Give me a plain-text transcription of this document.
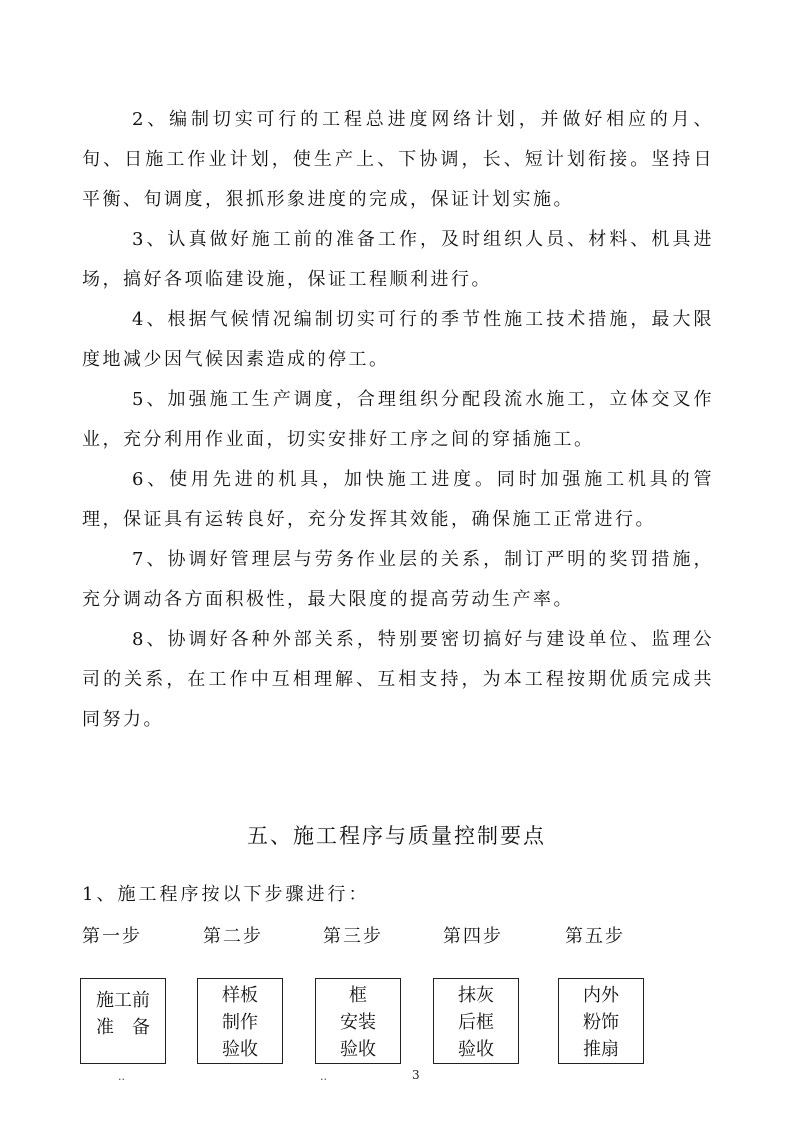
2、编制切实可行的工程总进度网络计划，并做好相应的月、旬、日施工作业计划，使生产上、下协调，长、短计划衔接。坚持日平衡、旬调度，狠抓形象进度的完成，保证计划实施。

3、认真做好施工前的准备工作，及时组织人员、材料、机具进场，搞好各项临建设施，保证工程顺利进行。

4、根据气候情况编制切实可行的季节性施工技术措施，最大限度地减少因气候因素造成的停工。

5、加强施工生产调度，合理组织分配段流水施工，立体交叉作业，充分利用作业面，切实安排好工序之间的穿插施工。

6、使用先进的机具，加快施工进度。同时加强施工机具的管理，保证具有运转良好，充分发挥其效能，确保施工正常进行。

7、协调好管理层与劳务作业层的关系，制订严明的奖罚措施，充分调动各方面积极性，最大限度的提高劳动生产率。

8、协调好各种外部关系，特别要密切搞好与建设单位、监理公司的关系，在工作中互相理解、互相支持，为本工程按期优质完成共同努力。

五、施工程序与质量控制要点

1、施工程序按以下步骤进行：

第一步	第二步	第三步	第四步	第五步
施工前
准　备
样板
制作
验收
框
安装
验收
抹灰
后框
验收
内外
粉饰
推扇
..	..	3
